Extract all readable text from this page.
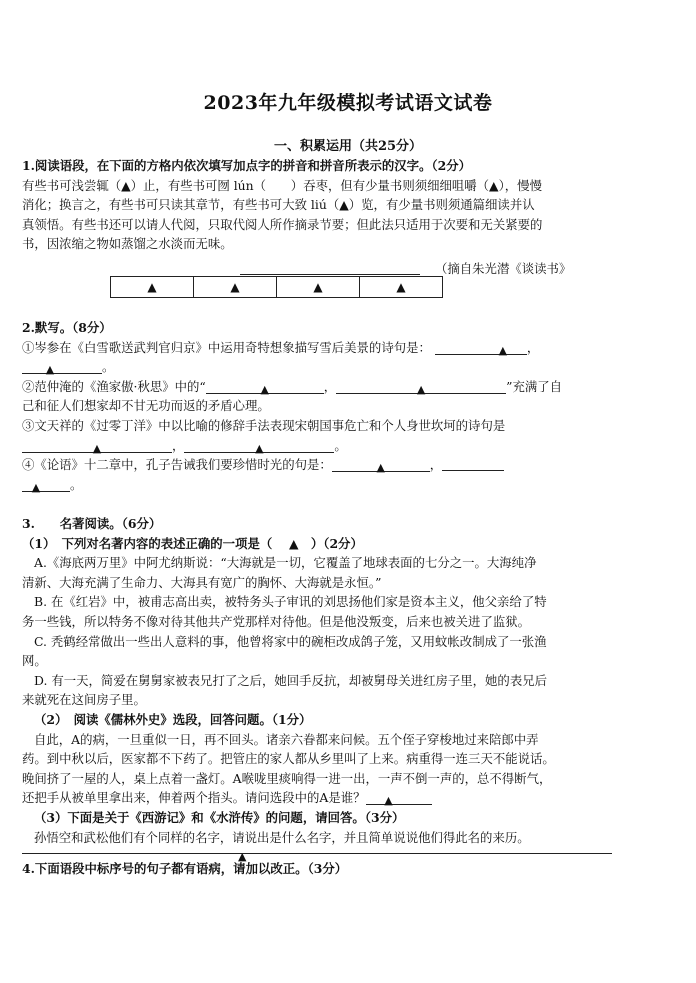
2023年九年级模拟考试语文试卷
一、积累运用（共25分）

1.阅读语段，在下面的方格内依次填写加点字的拼音和拼音所表示的汉字。（2分）

有些书可浅尝辄（▲）止，有些书可囫 lún（　　）吞枣，但有少量书则须细细咀嚼（▲），慢慢

消化；换言之，有些书可只读其章节，有些书可大致 liú（▲）览，有少量书则须通篇细读并认

真领悟。有些书还可以请人代阅，只取代阅人所作摘录节要；但此法只适用于次要和无关紧要的

书，因浓缩之物如蒸馏之水淡而无味。

（摘自朱光潜《谈读书》
▲	▲	▲	▲

2.默写。（8分）

①岑参在《白雪歌送武判官归京》中运用奇特想象描写雪后美景的诗句是：	▲ ，

▲	。

②范仲淹的《渔家傲·秋思》中的“	▲	，	▲	”充满了自

己和征人们想家却不甘无功而返的矛盾心理。

③文天祥的《过零丁洋》中以比喻的修辞手法表现宋朝国事危亡和个人身世坎坷的诗句是

▲	，	▲	。

④《论语》十二章中，孔子告诫我们要珍惜时光的句是：	▲	，

▲ 。

3.　　名著阅读。（6分）

（1）　下列对名著内容的表述正确的一项是（　 ▲　）（2分）

A.《海底两万里》中阿尤纳斯说：“大海就是一切，它覆盖了地球表面的七分之一。大海纯净

清新、大海充满了生命力、大海具有宽广的胸怀、大海就是永恒。”

B. 在《红岩》中，被甫志高出卖，被特务头子审讯的刘思扬他们家是资本主义，他父亲给了特

务一些钱，所以特务不像对待其他共产党那样对待他。但是他没叛变，后来也被关进了监狱。

C. 秃鹤经常做出一些出人意料的事，他曾将家中的碗柜改成鸽子笼，又用蚊帐改制成了一张渔

网。

D. 有一天，简爱在舅舅家被表兄打了之后，她回手反抗，却被舅母关进红房子里，她的表兄后

来就死在这间房子里。

（2）　阅读《儒林外史》选段，回答问题。（1分）

自此，A的病，一旦重似一日，再不回头。诸亲六眷都来问候。五个侄子穿梭地过来陪郎中弄

药。到中秋以后，医家都不下药了。把管庄的家人都从乡里叫了上来。病重得一连三天不能说话。

晚间挤了一屋的人，桌上点着一盏灯。A喉咙里痰响得一进一出，一声不倒一声的，总不得断气，

还把手从被单里拿出来，伸着两个指头。请问选段中的A是谁？ ▲

（3）下面是关于《西游记》和《水浒传》的问题，请回答。（3分）

孙悟空和武松他们有个同样的名字，请说出是什么名字，并且简单说说他们得此名的来历。

▲

4.下面语段中标序号的句子都有语病，请加以改正。（3分）
